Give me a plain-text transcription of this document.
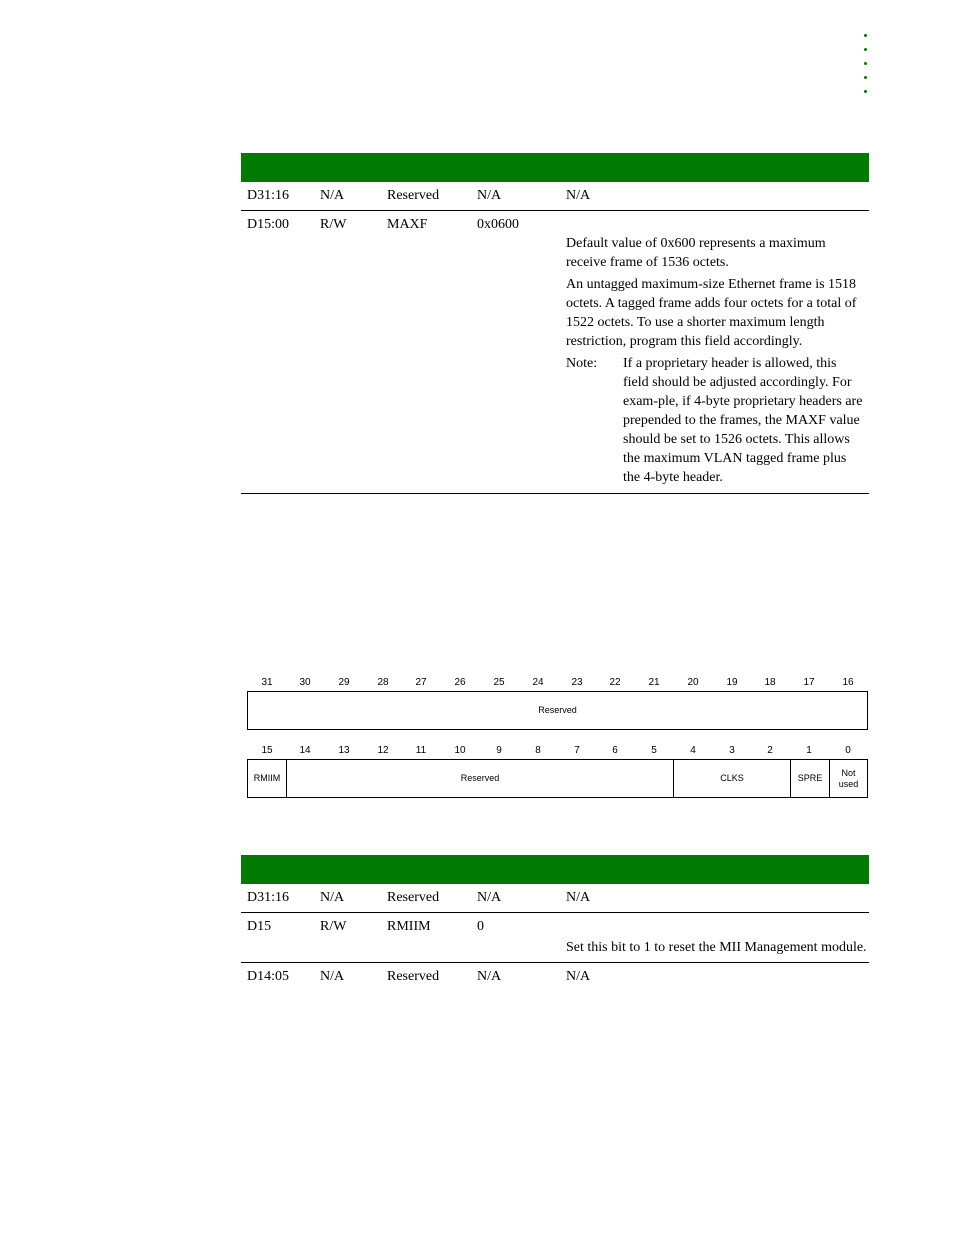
D31:16 N/A	Reserved	N/A	N/A
D15:00 R/W	MAXF	0x0600

Default value of 0x600 represents a maximum receive frame of 1536 octets.

An untagged maximum-size Ethernet frame is 1518 octets. A tagged frame adds four octets for a total of 1522 octets. To use a shorter maximum length restriction, program this field accordingly.

Note:	If a proprietary header is allowed, this field should be adjusted accordingly. For exam-ple, if 4-byte proprietary headers are prepended to the frames, the MAXF value should be set to 1526 octets. This allows the maximum VLAN tagged frame plus the 4-byte header.
31	30	29	28	27	26	25	24	23	22	21	20	19	18	17	16
Reserved
15	14	13	12	11	10	9	8	7	6	5	4	3	2	1	0
RMIIM	Reserved	CLKS	SPRE
Not used
D31:16 N/A	Reserved	N/A	N/A
D15	R/W	RMIIM	0
Set this bit to 1 to reset the MII Management module.
D14:05 N/A	Reserved	N/A	N/A
